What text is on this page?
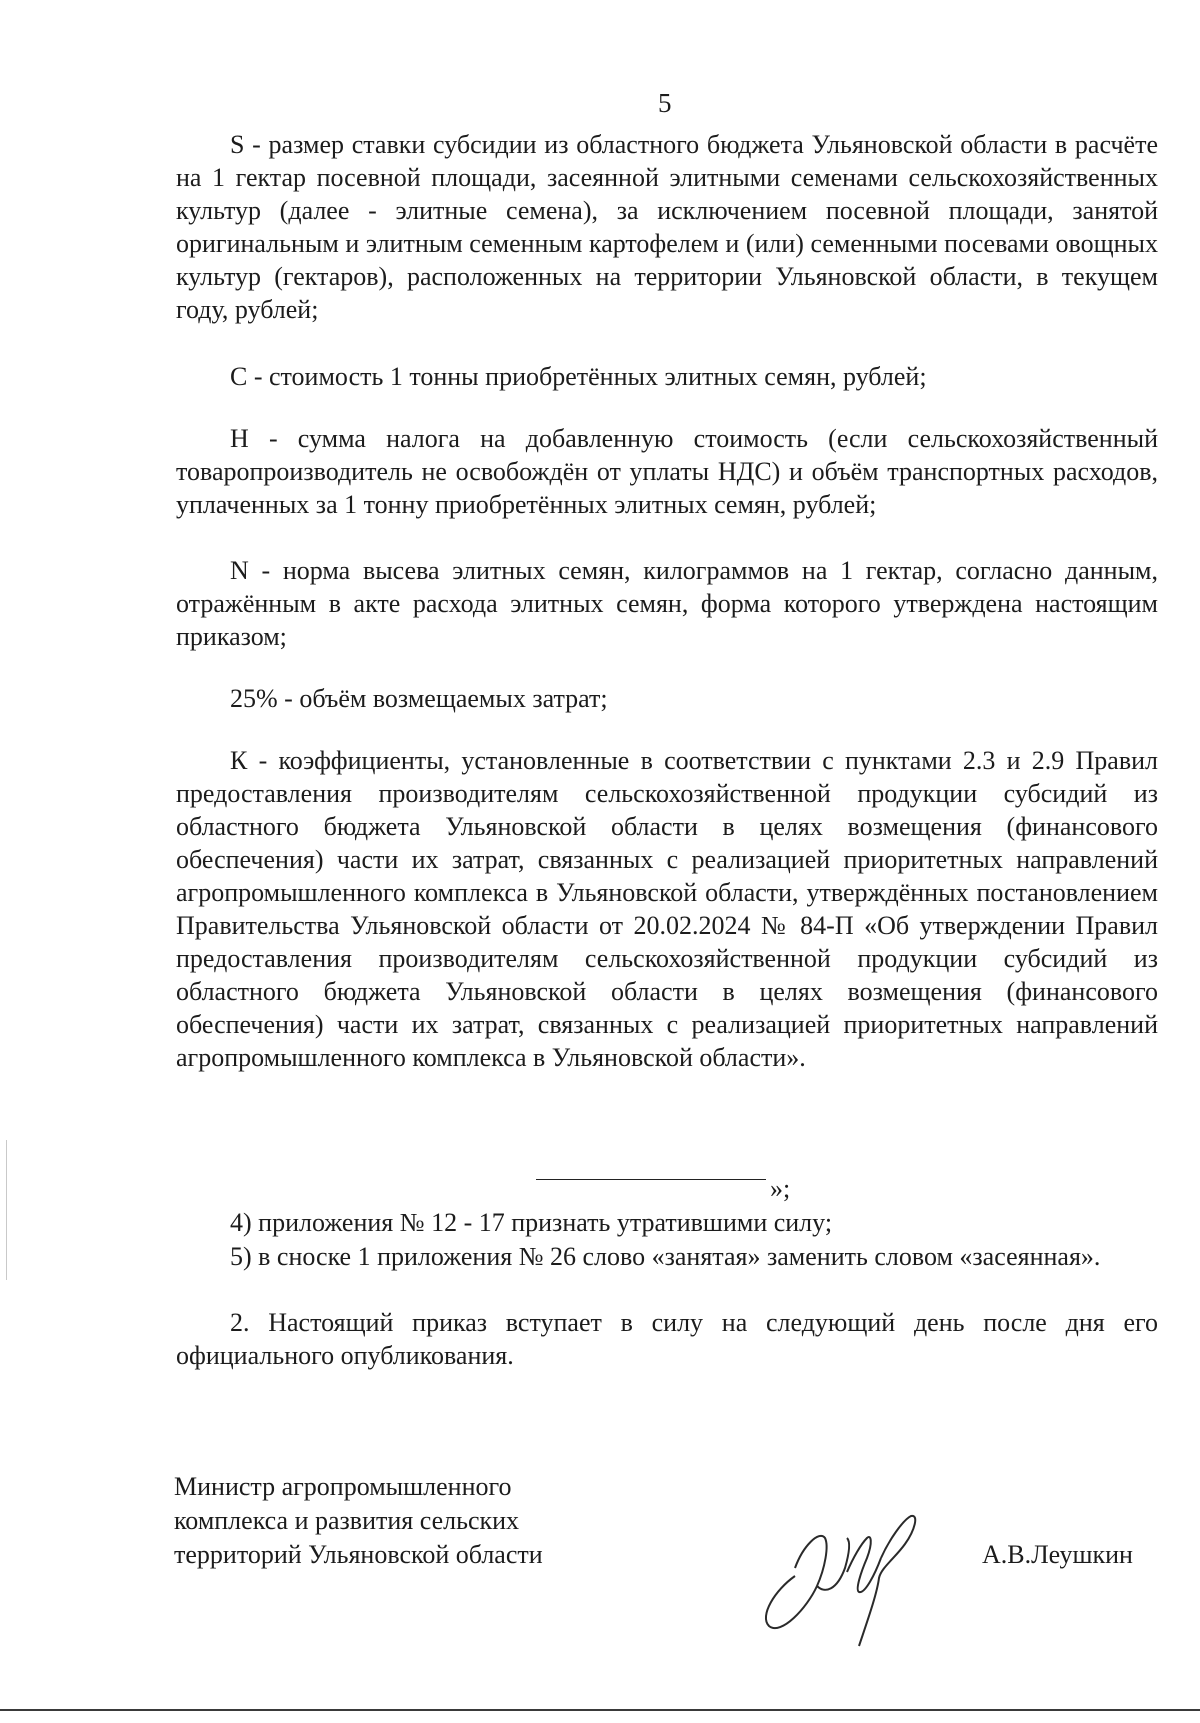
5

S - размер ставки субсидии из областного бюджета Ульяновской области в расчёте на 1 гектар посевной площади, засеянной элитными семенами сельскохозяйственных культур (далее - элитные семена), за исключением посевной площади, занятой оригинальным и элитным семенным картофелем и (или) семенными посевами овощных культур (гектаров), расположенных на территории Ульяновской области, в текущем году, рублей;

С - стоимость 1 тонны приобретённых элитных семян, рублей;

Н - сумма налога на добавленную стоимость (если сельскохозяйственный товаропроизводитель не освобождён от уплаты НДС) и объём транспортных расходов, уплаченных за 1 тонну приобретённых элитных семян, рублей;

N - норма высева элитных семян, килограммов на 1 гектар, согласно данным, отражённым в акте расхода элитных семян, форма которого утверждена настоящим приказом;

25% - объём возмещаемых затрат;

К - коэффициенты, установленные в соответствии с пунктами 2.3 и 2.9 Правил предоставления производителям сельскохозяйственной продукции субсидий из областного бюджета Ульяновской области в целях возмещения (финансового обеспечения) части их затрат, связанных с реализацией приоритетных направлений агропромышленного комплекса в Ульяновской области, утверждённых постановлением Правительства Ульяновской области от 20.02.2024 № 84-П «Об утверждении Правил предоставления производителям сельскохозяйственной продукции субсидий из областного бюджета Ульяновской области в целях возмещения (финансового обеспечения) части их затрат, связанных с реализацией приоритетных направлений агропромышленного комплекса в Ульяновской области».

»;

4) приложения № 12 - 17 признать утратившими силу;

5) в сноске 1 приложения № 26 слово «занятая» заменить словом «засеянная».

2. Настоящий приказ вступает в силу на следующий день после дня его официального опубликования.

Министр агропромышленного
комплекса и развития сельских
территорий Ульяновской области	А.В.Леушкин
